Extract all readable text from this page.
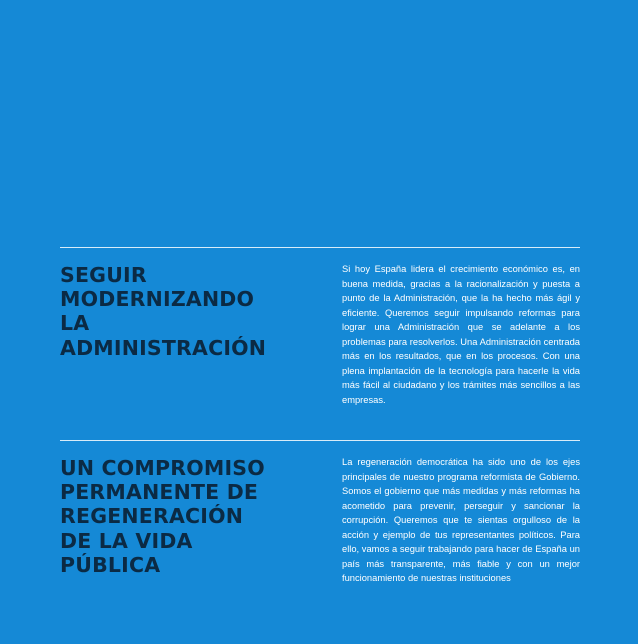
SEGUIR
MODERNIZANDO
LA
ADMINISTRACIÓN

Si hoy España lidera el crecimiento económico es, en buena medida, gracias a la racionalización y puesta a punto de la Administración, que la ha hecho más ágil y eficiente. Queremos seguir impulsando reformas para lograr una Administración que se adelante a los problemas para resolverlos. Una Administración centrada más en los resultados, que en los procesos. Con una plena implantación de la tecnología para hacerle la vida más fácil al ciudadano y los trámites más sencillos a las empresas.

UN COMPROMISO
PERMANENTE DE
REGENERACIÓN
DE LA VIDA
PÚBLICA

La regeneración democrática ha sido uno de los ejes principales de nuestro programa reformista de Gobierno. Somos el gobierno que más medidas y más reformas ha acometido para prevenir, perseguir y sancionar la corrupción. Queremos que te sientas orgulloso de la acción y ejemplo de tus representantes políticos. Para ello, vamos a seguir trabajando para hacer de España un país más transparente, más fiable y con un mejor funcionamiento de nuestras instituciones
